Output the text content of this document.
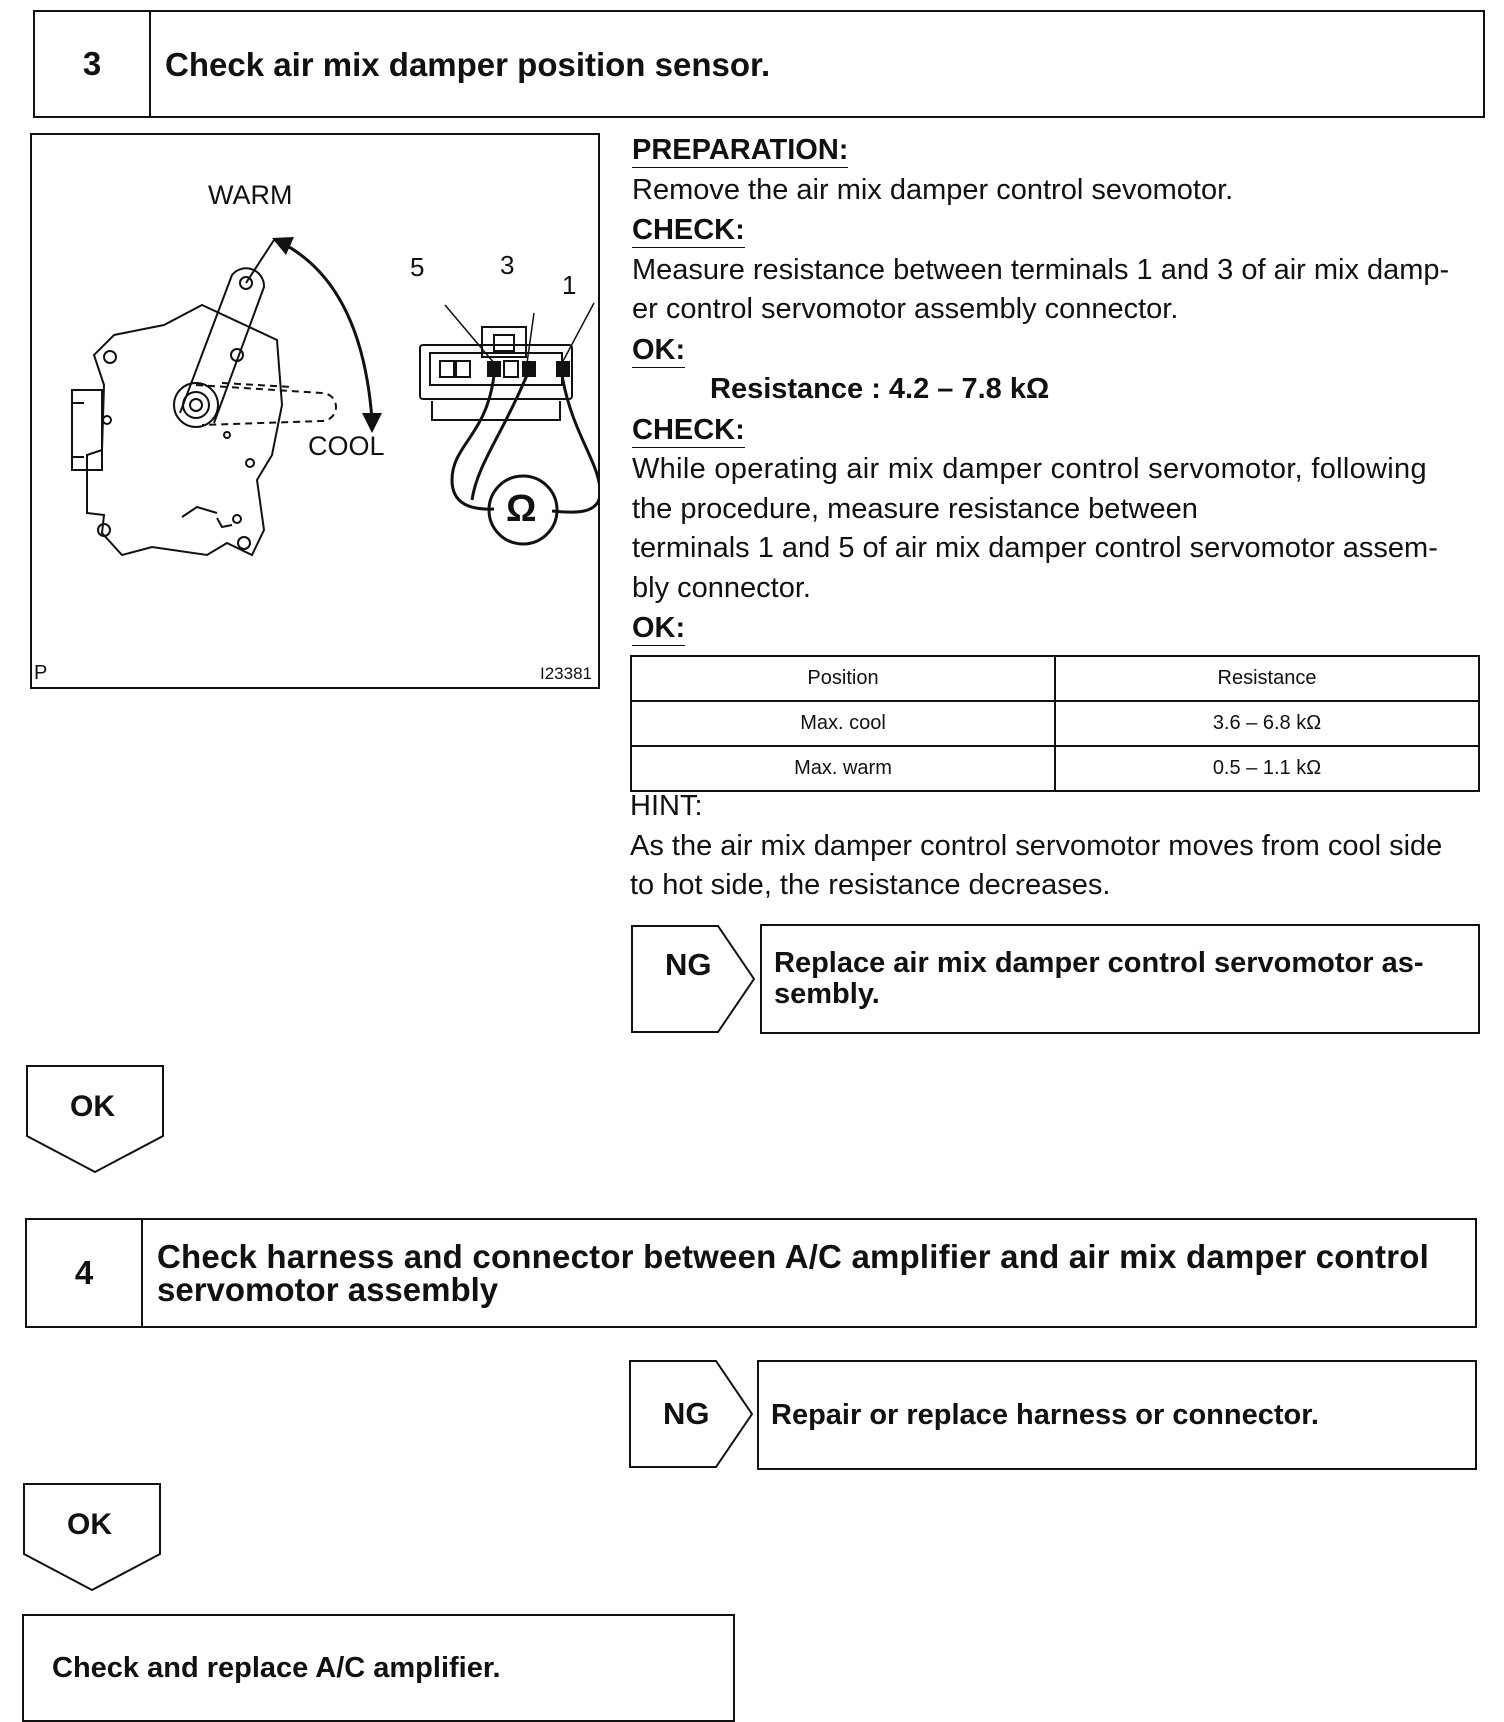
3	Check air mix damper position sensor.
WARM
COOL
5	3
1
Ω
P	I23381
PREPARATION:

Remove the air mix damper control sevomotor.

CHECK:

Measure resistance between terminals 1 and 3 of air mix damp-

er control servomotor assembly connector.

OK:

Resistance : 4.2 – 7.8 kΩ

CHECK:

While operating air mix damper control servomotor, following

the procedure, measure resistance between

terminals 1 and 5 of air mix damper control servomotor assem-

bly connector.

OK:
Position	Resistance
Max. cool	3.6 – 6.8 kΩ
Max. warm	0.5 – 1.1 kΩ

HINT:

As the air mix damper control servomotor moves from cool side

to hot side, the resistance decreases.

NG Replace air mix damper control servomotor as-
sembly.
OK
4	Check harness and connector between A/C amplifier and air mix damper control
servomotor assembly
NG Repair or replace harness or connector.
OK
Check and replace A/C amplifier.
